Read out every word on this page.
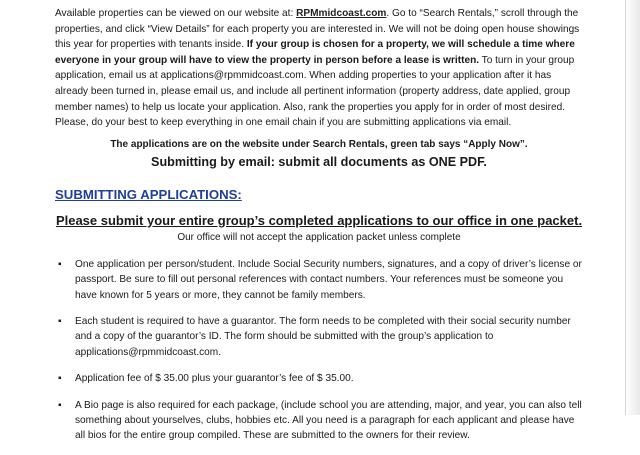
Available properties can be viewed on our website at: RPMmidcoast.com. Go to “Search Rentals,” scroll through the properties, and click “View Details” for each property you are interested in. We will not be doing open house showings this year for properties with tenants inside. If your group is chosen for a property, we will schedule a time where everyone in your group will have to view the property in person before a lease is written. To turn in your group application, email us at applications@rpmmidcoast.com. When adding properties to your application after it has already been turned in, please email us, and include all pertinent information (property address, date applied, group member names) to help us locate your application. Also, rank the properties you apply for in order of most desired. Please, do your best to keep everything in one email chain if you are submitting applications via email.

The applications are on the website under Search Rentals, green tab says “Apply Now”.

Submitting by email: submit all documents as ONE PDF.

SUBMITTING APPLICATIONS:

Please submit your entire group’s completed applications to our office in one packet.

Our office will not accept the application packet unless complete

▪ One application per person/student. Include Social Security numbers, signatures, and a copy of driver’s license or passport. Be sure to fill out personal references with contact numbers. Your references must be someone you have known for 5 years or more, they cannot be family members.
▪ Each student is required to have a guarantor. The form needs to be completed with their social security number and a copy of the guarantor’s ID. The form should be submitted with the group’s application to applications@rpmmidcoast.com.
▪ Application fee of $ 35.00 plus your guarantor’s fee of $ 35.00.
▪ A Bio page is also required for each package, (include school you are attending, major, and year, you can also tell something about yourselves, clubs, hobbies etc. All you need is a paragraph for each applicant and please have all bios for the entire group compiled. These are submitted to the owners for their review.
